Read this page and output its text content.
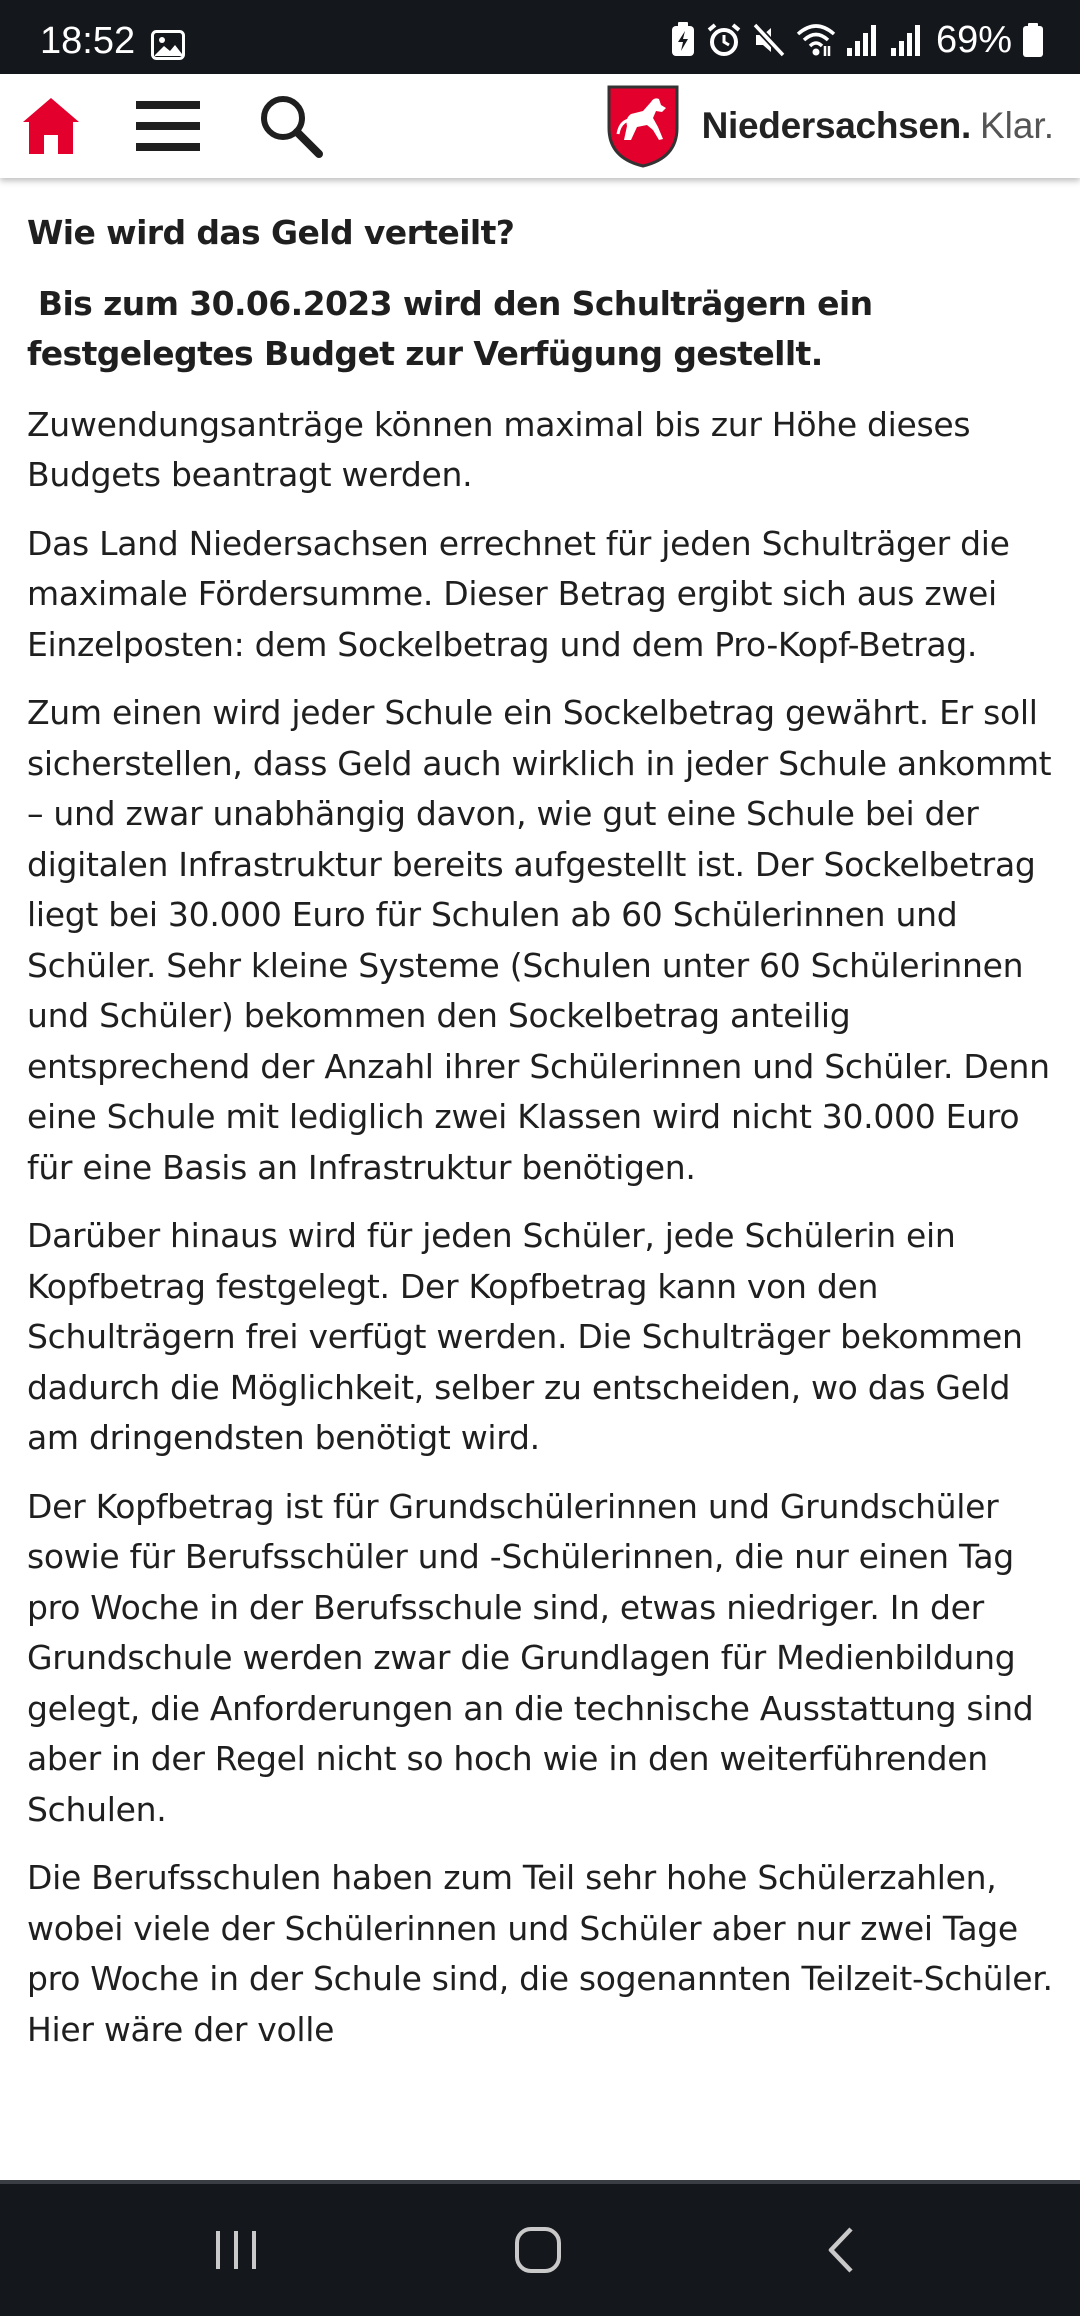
18:52	69%
Niedersachsen. Klar.

Wie wird das Geld verteilt?

Bis zum 30.06.2023 wird den Schulträgern ein festgelegtes Budget zur Verfügung gestellt.

Zuwendungsanträge können maximal bis zur Höhe dieses Budgets beantragt werden.

Das Land Niedersachsen errechnet für jeden Schulträger die maximale Fördersumme. Dieser Betrag ergibt sich aus zwei Einzelposten: dem Sockelbetrag und dem Pro-Kopf-Betrag.

Zum einen wird jeder Schule ein Sockelbetrag gewährt. Er soll sicherstellen, dass Geld auch wirklich in jeder Schule ankommt – und zwar unabhängig davon, wie gut eine Schule bei der digitalen Infrastruktur bereits aufgestellt ist. Der Sockelbetrag liegt bei 30.000 Euro für Schulen ab 60 Schülerinnen und Schüler. Sehr kleine Systeme (Schulen unter 60 Schülerinnen und Schüler) bekommen den Sockelbetrag anteilig entsprechend der Anzahl ihrer Schülerinnen und Schüler. Denn eine Schule mit lediglich zwei Klassen wird nicht 30.000 Euro für eine Basis an Infrastruktur benötigen.

Darüber hinaus wird für jeden Schüler, jede Schülerin ein Kopfbetrag festgelegt. Der Kopfbetrag kann von den Schulträgern frei verfügt werden. Die Schulträger bekommen dadurch die Möglichkeit, selber zu entscheiden, wo das Geld am dringendsten benötigt wird.

Der Kopfbetrag ist für Grundschülerinnen und Grundschüler sowie für Berufsschüler und -Schülerinnen, die nur einen Tag pro Woche in der Berufsschule sind, etwas niedriger. In der Grundschule werden zwar die Grundlagen für Medienbildung gelegt, die Anforderungen an die technische Ausstattung sind aber in der Regel nicht so hoch wie in den weiterführenden Schulen.

Die Berufsschulen haben zum Teil sehr hohe Schülerzahlen, wobei viele der Schülerinnen und Schüler aber nur zwei Tage pro Woche in der Schule sind, die sogenannten Teilzeit-Schüler. Hier wäre der volle
